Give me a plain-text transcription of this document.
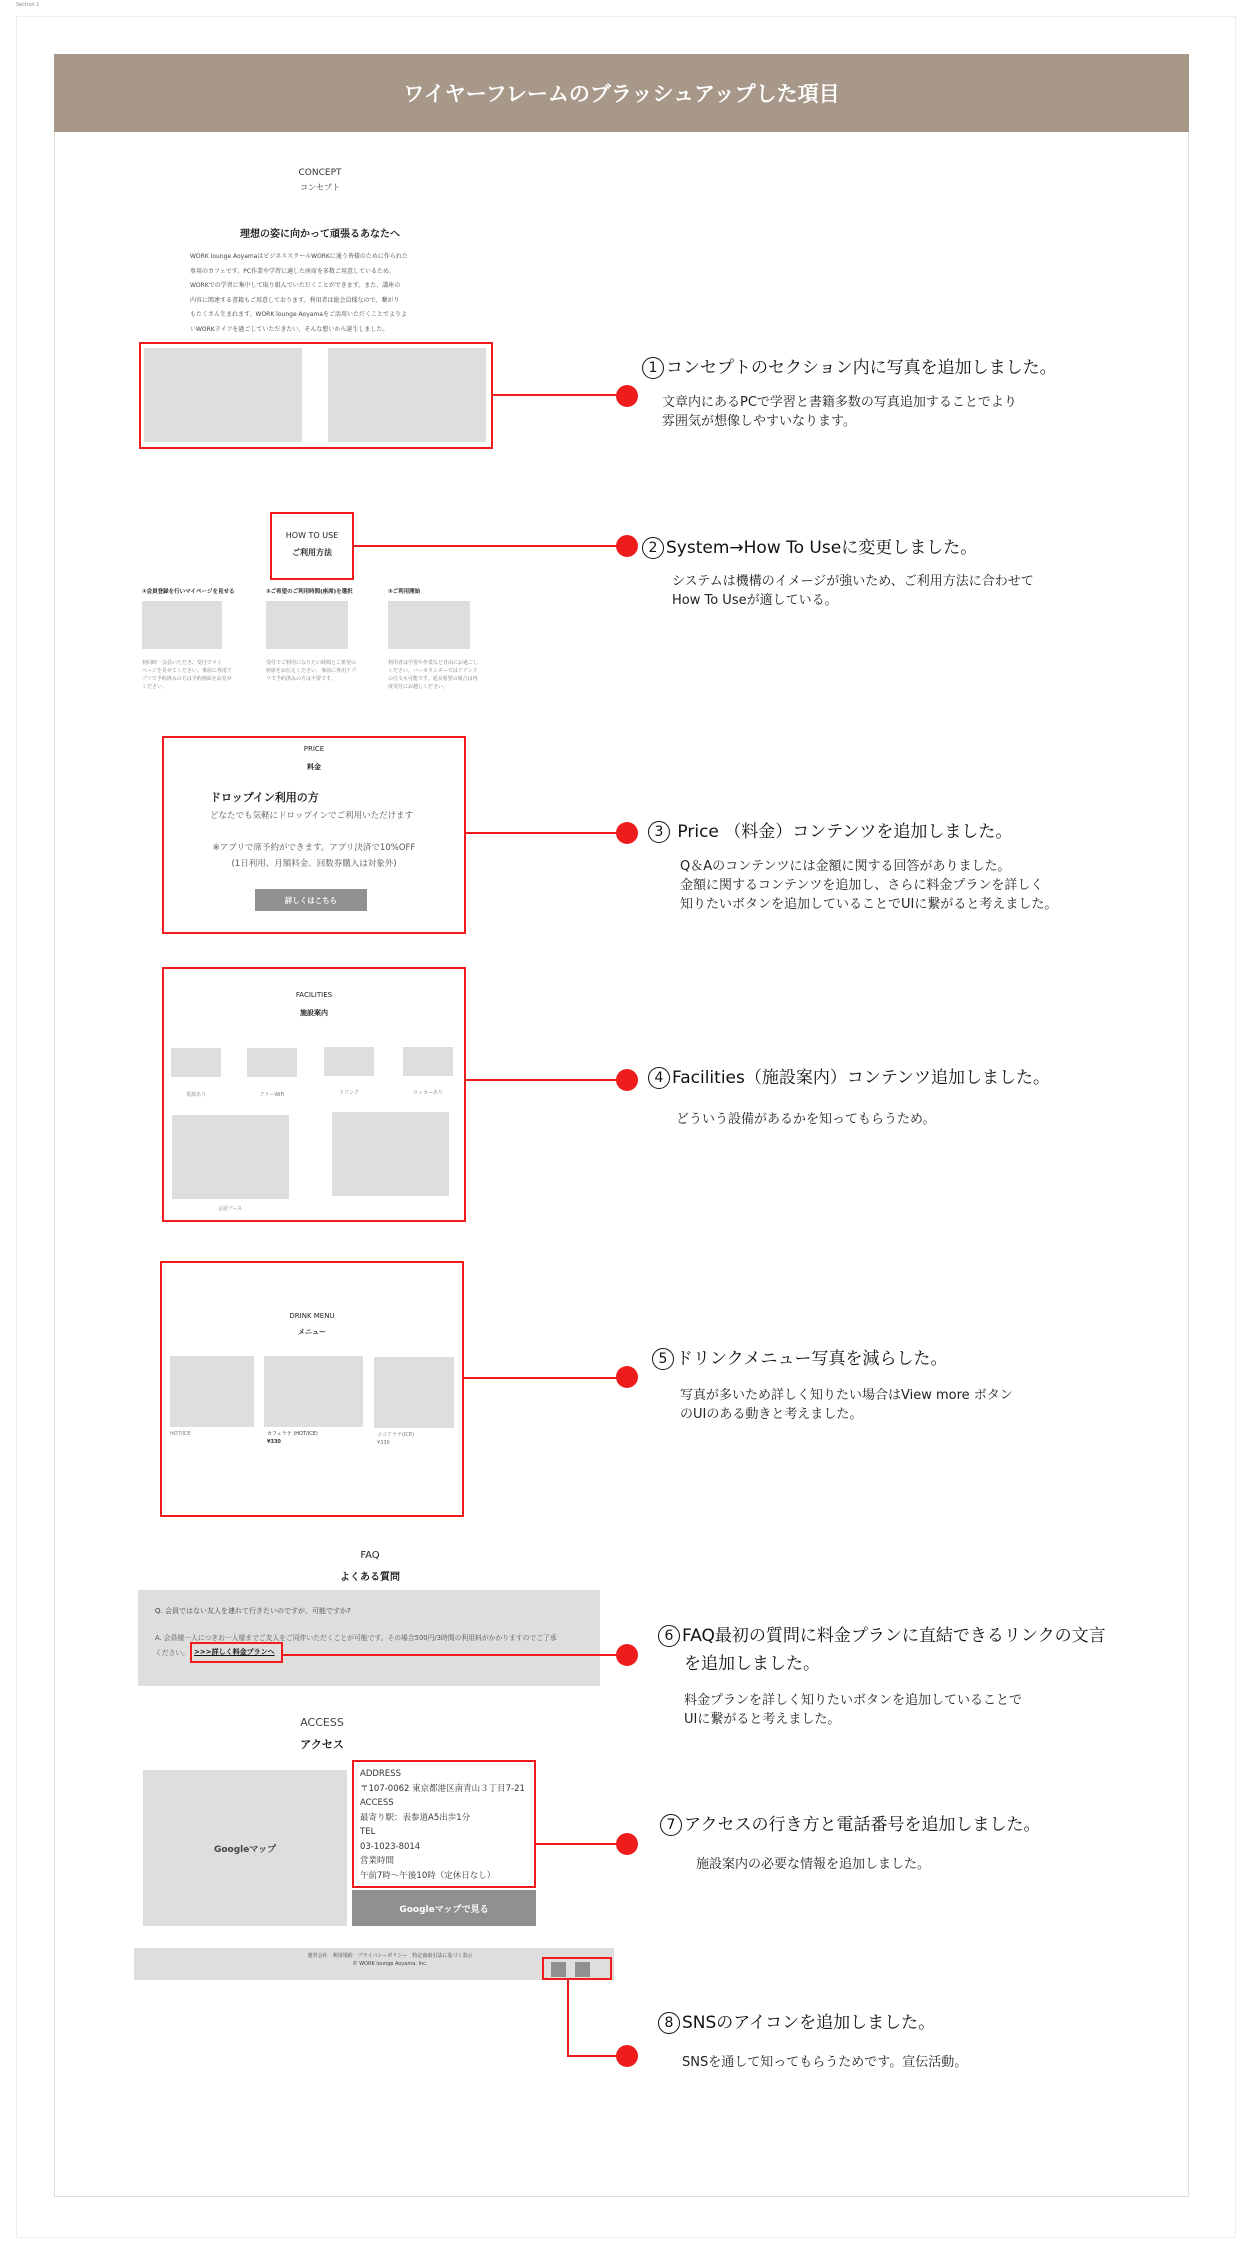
Section 1
ワイヤーフレームのブラッシュアップした項目
CONCEPT
コンセプト
理想の姿に向かって頑張るあなたへ
WORK lounge AoyamaはビジネススクールWORKに通う皆様のために作られた
専用のカフェです。PC作業や学習に適した座席を多数ご用意しているため、
WORKでの学習に集中して取り組んでいただくことができます。また、講座の
内容に関連する書籍もご用意しております。利用者は総会員様なので、繋がり
もたくさん生まれます。WORK lounge Aoyamaをご活用いただくことでよりよ
いWORKライフを過ごしていただきたい、そんな想いから誕生しました。
HOW TO USE
ご利用方法
①会員登録を行いマイページを見せる
初回時一会員いただき、受付でマイ
ページを見せてください。事前に専用ア
プリで予約済みの方は予約画面をお見せ
ください。
②ご希望のご利用時間(座席)を選択
受付でご利用になりたい時間とご希望の
座席をお伝えください。事前に専用アプ
リで予約済みの方は不要です。
③ご利用開始
利用者は学習や作業など自由にお過ごし
ください。バーカウンターではドリンク
の注文も可能です。延長希望の場合は再
度受付にお越しください。
PRICE
料金
ドロップイン利用の方
どなたでも気軽にドロップインでご利用いただけます
※アプリで席予約ができます。アプリ決済で10%OFF
(1日利用、月額料金、回数券購入は対象外)
詳しくはこちら
FACILITIES
施設案内
電源あり	フリーWiFi	ドリンク	ロッカーあり
会話ブース
DRINK MENU
メニュー
HOT/ICE	カフェラテ (HOT/ICE)
¥330
ココアラテ(ICE)
¥330
FAQ
よくある質問
Q. 会員ではない友人を連れて行きたいのですが、可能ですか?
A. 会員様一人につきお一人様までご友人をご同伴いただくことが可能です。その場合500円/3時間の利用料がかかりますのでご了承
ください。 >>>詳しく料金プランへ
ACCESS
アクセス
Googleマップ
ADDRESS
〒107-0062 東京都港区南青山３丁目7-21
ACCESS
最寄り駅：表参道A5出歩1分
TEL
03-1023-8014
営業時間
午前7時〜午後10時（定休日なし）
Googleマップで見る
運営会社　利用規約　プライバシーポリシー　特定商取引法に基づく表示
© WORK lounge Aoyama, Inc.
1 コンセプトのセクション内に写真を追加しました。
文章内にあるPCで学習と書籍多数の写真追加することでより
雰囲気が想像しやすいなります。
2 System→How To Useに変更しました。
システムは機構のイメージが強いため、ご利用方法に合わせて
How To Useが適している。
3 Price （料金）コンテンツを追加しました。
Q＆Aのコンテンツには金額に関する回答がありました。
金額に関するコンテンツを追加し、さらに料金プランを詳しく
知りたいボタンを追加していることでUIに繋がると考えました。
4 Facilities（施設案内）コンテンツ追加しました。
どういう設備があるかを知ってもらうため。
5 ドリンクメニュー写真を減らした。
写真が多いため詳しく知りたい場合はView more ボタン
のUIのある動きと考えました。
6 FAQ最初の質問に料金プランに直結できるリンクの文言
を追加しました。
料金プランを詳しく知りたいボタンを追加していることで
UIに繋がると考えました。
7 アクセスの行き方と電話番号を追加しました。
施設案内の必要な情報を追加しました。
8 SNSのアイコンを追加しました。
SNSを通して知ってもらうためです。宣伝活動。
